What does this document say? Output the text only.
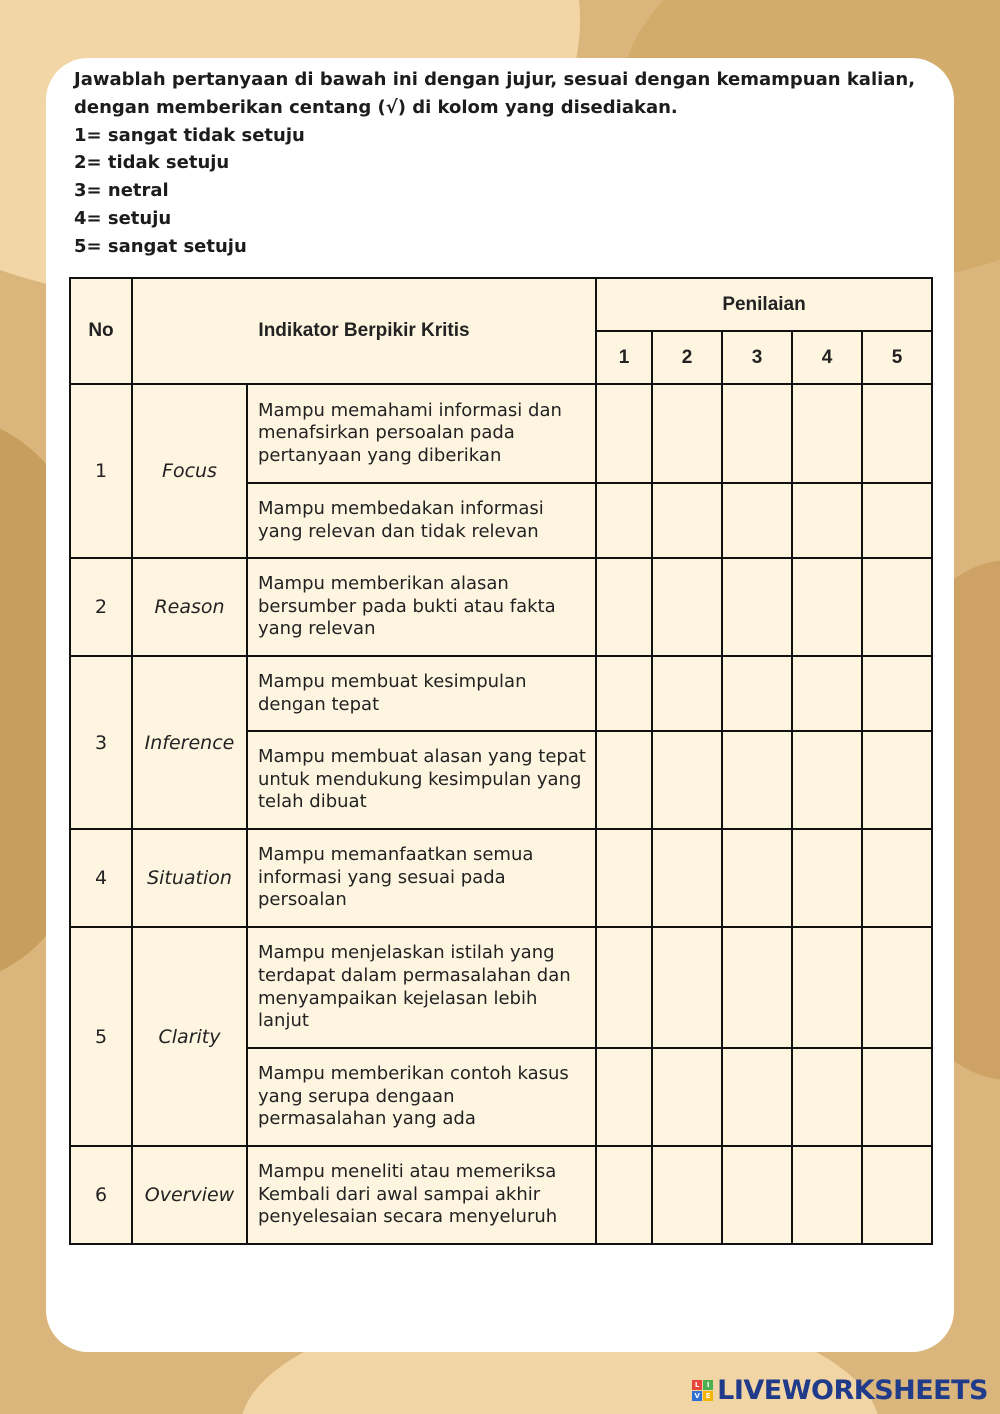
Jawablah pertanyaan di bawah ini dengan jujur, sesuai dengan kemampuan kalian,
dengan memberikan centang (√) di kolom yang disediakan.
1= sangat tidak setuju
2= tidak setuju
3= netral
4= setuju
5= sangat setuju
No	Indikator Berpikir Kritis		Penilaian				
			1	2	3	4	5
1	Focus	Mampu memahami informasi dan menafsirkan persoalan pada pertanyaan yang diberikan					
		Mampu membedakan informasi yang relevan dan tidak relevan					
2	Reason	Mampu memberikan alasan bersumber pada bukti atau fakta yang relevan					
3	Inference	Mampu membuat kesimpulan dengan tepat					
		Mampu membuat alasan yang tepat untuk mendukung kesimpulan yang telah dibuat					
4	Situation	Mampu memanfaatkan semua informasi yang sesuai pada persoalan					
5	Clarity	Mampu menjelaskan istilah yang terdapat dalam permasalahan dan menyampaikan kejelasan lebih lanjut					
		Mampu memberikan contoh kasus yang serupa dengaan permasalahan yang ada					
6	Overview	Mampu meneliti atau memeriksa Kembali dari awal sampai akhir penyelesaian secara menyeluruh					
L	I
V E LIVEWORKSHEETS
